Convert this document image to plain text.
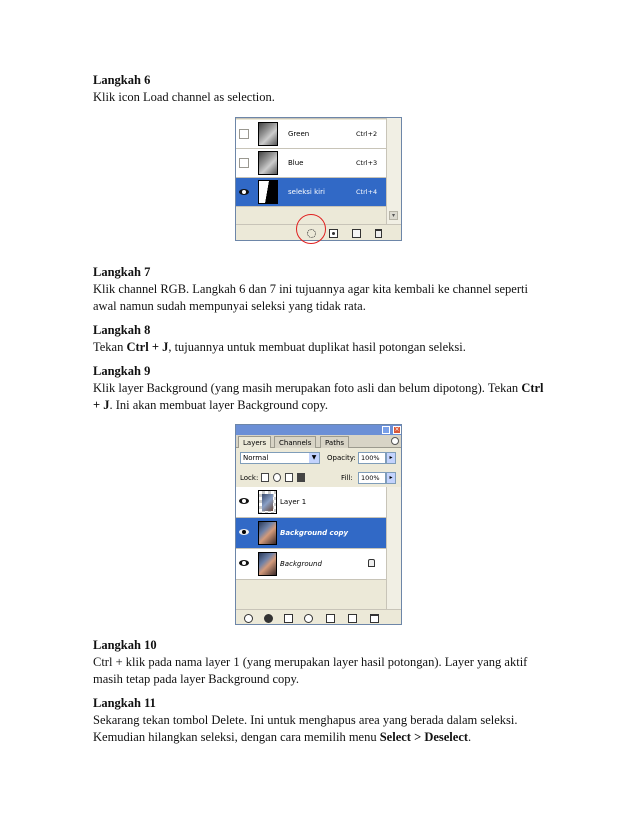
Langkah 6
Klik icon Load channel as selection.
Green	Ctrl+2
Blue	Ctrl+3
seleksi kiri	Ctrl+4
▾
Langkah 7
Klik channel RGB. Langkah 6 dan 7 ini tujuannya agar kita kembali ke channel seperti awal namun sudah mempunyai seleksi yang tidak rata.
Langkah 8
Tekan Ctrl + J, tujuannya untuk membuat duplikat hasil potongan seleksi.
Langkah 9
Klik layer Background (yang masih merupakan foto asli dan belum dipotong). Tekan Ctrl + J. Ini akan membuat layer Background copy.
×
Layers	Channels	Paths
Normal	▼	Opacity: 100%	▸
Lock:	Fill:	100%	▸
Layer 1
Background copy
Background
Langkah 10
Ctrl + klik pada nama layer 1 (yang merupakan layer hasil potongan). Layer yang aktif masih tetap pada layer Background copy.
Langkah 11
Sekarang tekan tombol Delete. Ini untuk menghapus area yang berada dalam seleksi. Kemudian hilangkan seleksi, dengan cara memilih menu Select > Deselect.
